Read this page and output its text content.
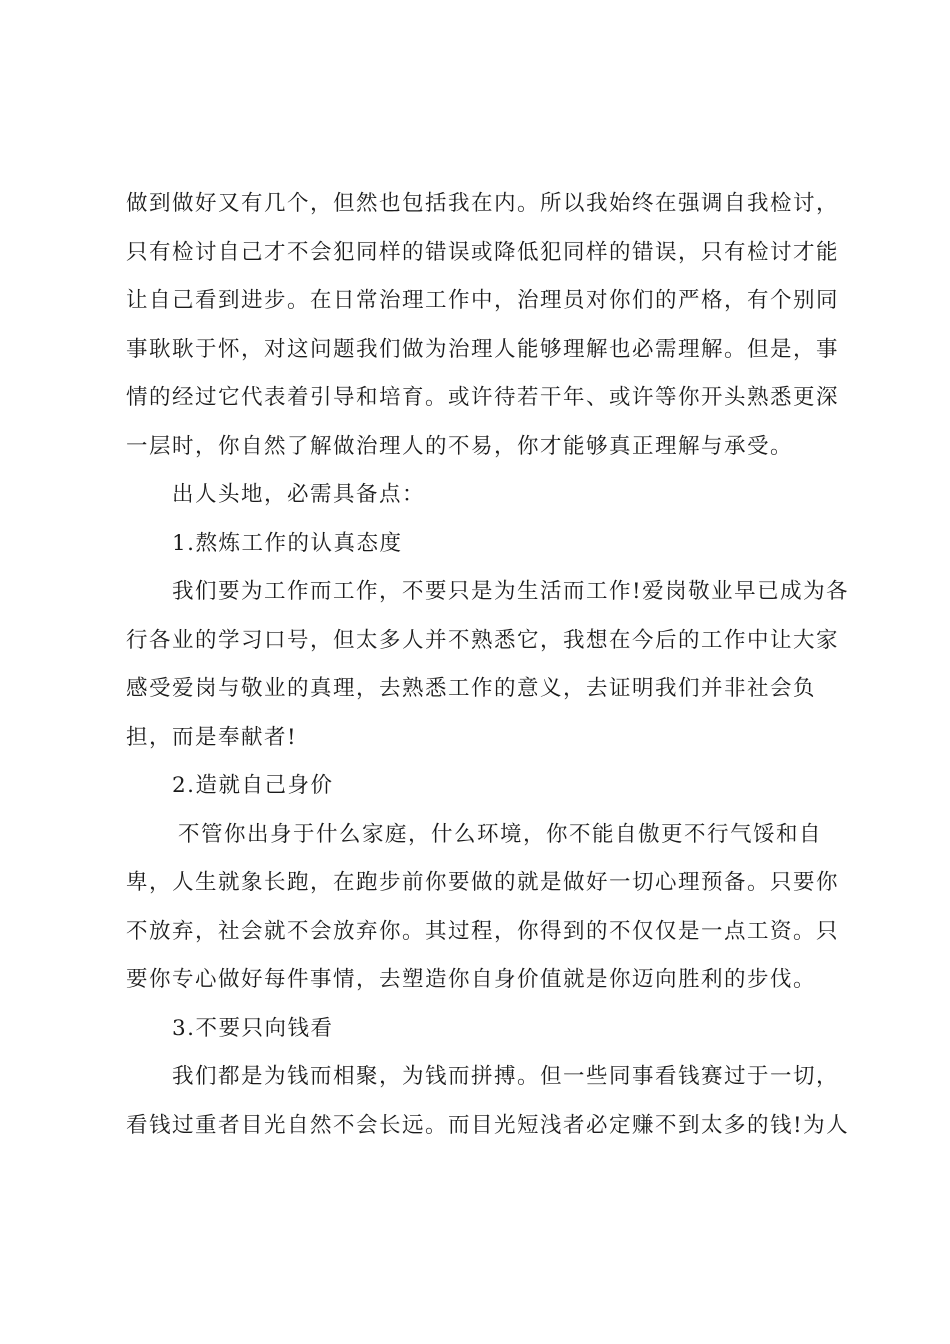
做到做好又有几个，但然也包括我在内。所以我始终在强调自我检讨，
只有检讨自己才不会犯同样的错误或降低犯同样的错误，只有检讨才能
让自己看到进步。在日常治理工作中，治理员对你们的严格，有个别同
事耿耿于怀，对这问题我们做为治理人能够理解也必需理解。但是，事
情的经过它代表着引导和培育。或许待若干年、或许等你开头熟悉更深
一层时，你自然了解做治理人的不易，你才能够真正理解与承受。
出人头地，必需具备点：
1.熬炼工作的认真态度
我们要为工作而工作，不要只是为生活而工作!爱岗敬业早已成为各
行各业的学习口号，但太多人并不熟悉它，我想在今后的工作中让大家
感受爱岗与敬业的真理，去熟悉工作的意义，去证明我们并非社会负
担，而是奉献者!
2.造就自己身价
不管你出身于什么家庭，什么环境，你不能自傲更不行气馁和自
卑，人生就象长跑，在跑步前你要做的就是做好一切心理预备。只要你
不放弃，社会就不会放弃你。其过程，你得到的不仅仅是一点工资。只
要你专心做好每件事情，去塑造你自身价值就是你迈向胜利的步伐。
3.不要只向钱看
我们都是为钱而相聚，为钱而拼搏。但一些同事看钱赛过于一切，
看钱过重者目光自然不会长远。而目光短浅者必定赚不到太多的钱!为人
